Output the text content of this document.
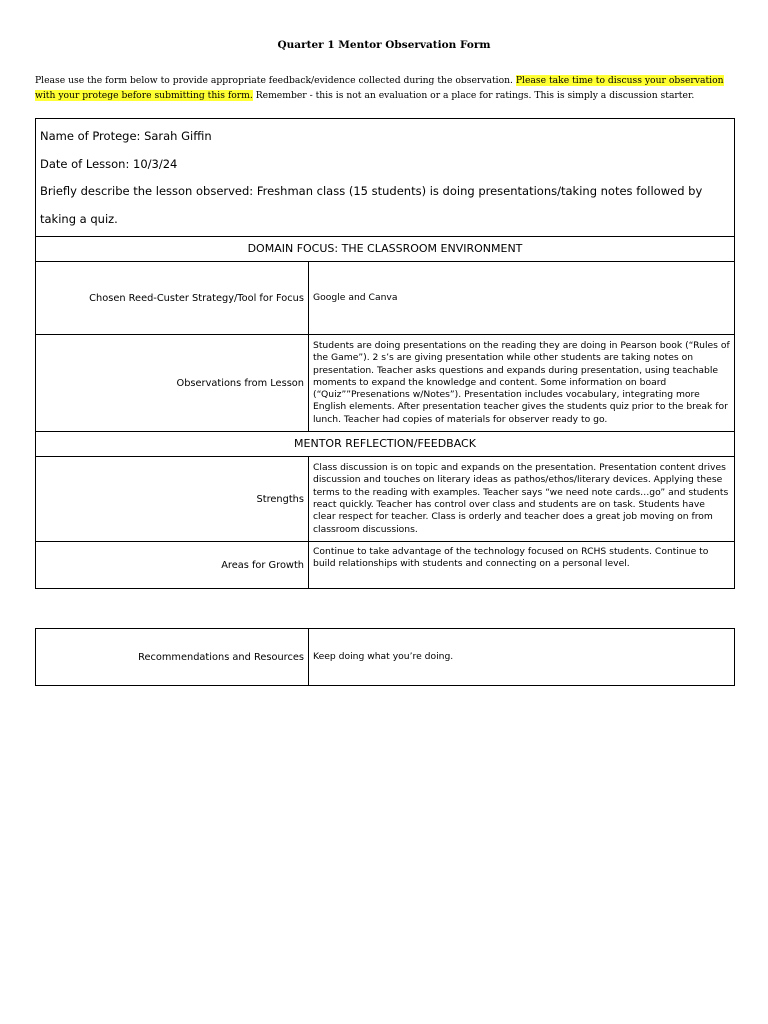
Quarter 1 Mentor Observation Form
Please use the form below to provide appropriate feedback/evidence collected during the observation. Please take time to discuss your observation with your protege before submitting this form. Remember - this is not an evaluation or a place for ratings. This is simply a discussion starter.
Name of Protege: Sarah Giffin
Date of Lesson: 10/3/24
Briefly describe the lesson observed: Freshman class (15 students) is doing presentations/taking notes followed by taking a quiz.
DOMAIN FOCUS: THE CLASSROOM ENVIRONMENT
Chosen Reed-Custer Strategy/Tool for Focus Google and Canva
Observations from Lesson
Students are doing presentations on the reading they are doing in Pearson book (“Rules of the Game”). 2 s’s are giving presentation while other students are taking notes on presentation. Teacher asks questions and expands during presentation, using teachable moments to expand the knowledge and content. Some information on board (“Quiz””Presenations w/Notes”). Presentation includes vocabulary, integrating more English elements. After presentation teacher gives the students quiz prior to the break for lunch. Teacher had copies of materials for observer ready to go.
MENTOR REFLECTION/FEEDBACK
Strengths
Class discussion is on topic and expands on the presentation. Presentation content drives discussion and touches on literary ideas as pathos/ethos/literary devices. Applying these terms to the reading with examples. Teacher says “we need note cards…go” and students react quickly. Teacher has control over class and students are on task. Students have clear respect for teacher. Class is orderly and teacher does a great job moving on from classroom discussions.
Areas for Growth
Continue to take advantage of the technology focused on RCHS students. Continue to build relationships with students and connecting on a personal level.
Recommendations and Resources Keep doing what you’re doing.
